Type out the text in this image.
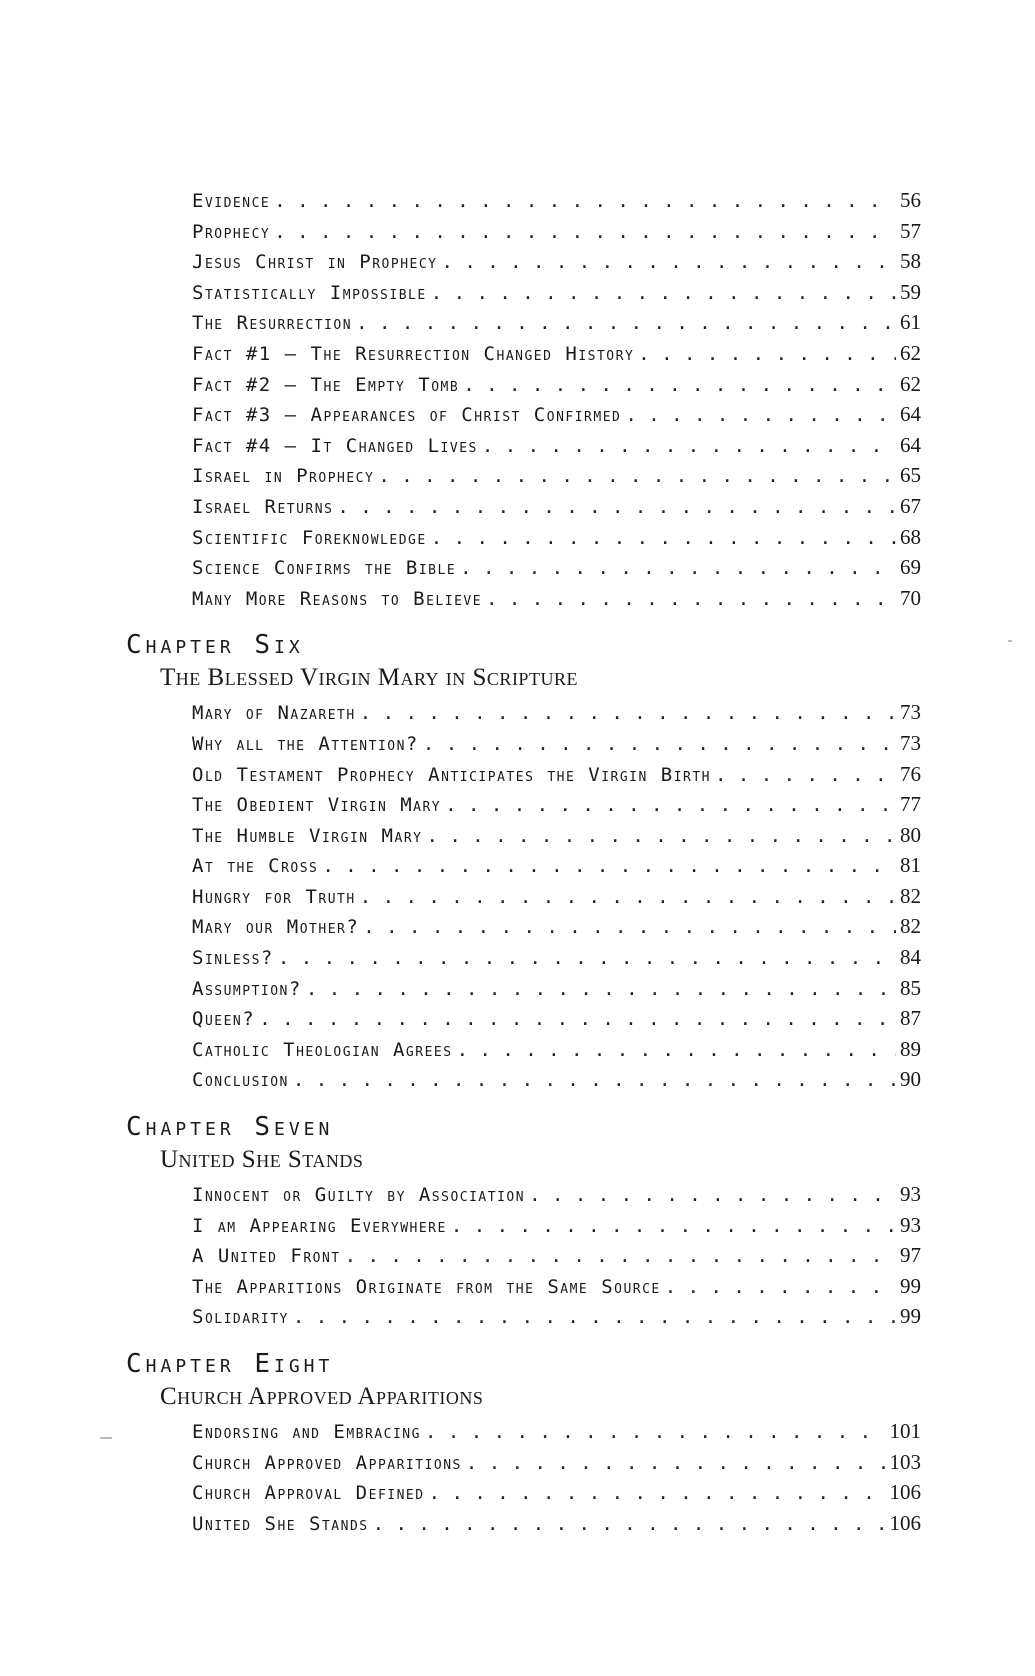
Evidence . . .	56
Prophecy . . .	57
Jesus Christ in Prophecy . . .	58
Statistically Impossible . . .	59
The Resurrection . . .	61
Fact #1 – The Resurrection Changed History . . .	62
Fact #2 – The Empty Tomb . . .	62
Fact #3 – Appearances of Christ Confirmed . . .	64
Fact #4 – It Changed Lives . . .	64
Israel in Prophecy . . .	65
Israel Returns . . .	67
Scientific Foreknowledge . . .	68
Science Confirms the Bible . . .	69
Many More Reasons to Believe . . .	70
Chapter Six
The Blessed Virgin Mary in Scripture
Mary of Nazareth . . .	73
Why all the Attention? . . .	73
Old Testament Prophecy Anticipates the Virgin Birth . . .	76
The Obedient Virgin Mary . . .	77
The Humble Virgin Mary . . .	80
At the Cross . . .	81
Hungry for Truth . . .	82
Mary our Mother? . . .	82
Sinless? . . .	84
Assumption? . . .	85
Queen? . . .	87
Catholic Theologian Agrees . . .	89
Conclusion . . .	90
Chapter Seven
United She Stands
Innocent or Guilty by Association . . .	93
I am Appearing Everywhere . . .	93
A United Front . . .	97
The Apparitions Originate from the Same Source . . .	99
Solidarity . . .	99
Chapter Eight
Church Approved Apparitions
Endorsing and Embracing . . .	101
Church Approved Apparitions . . .	103
Church Approval Defined . . .	106
United She Stands . . .	106
